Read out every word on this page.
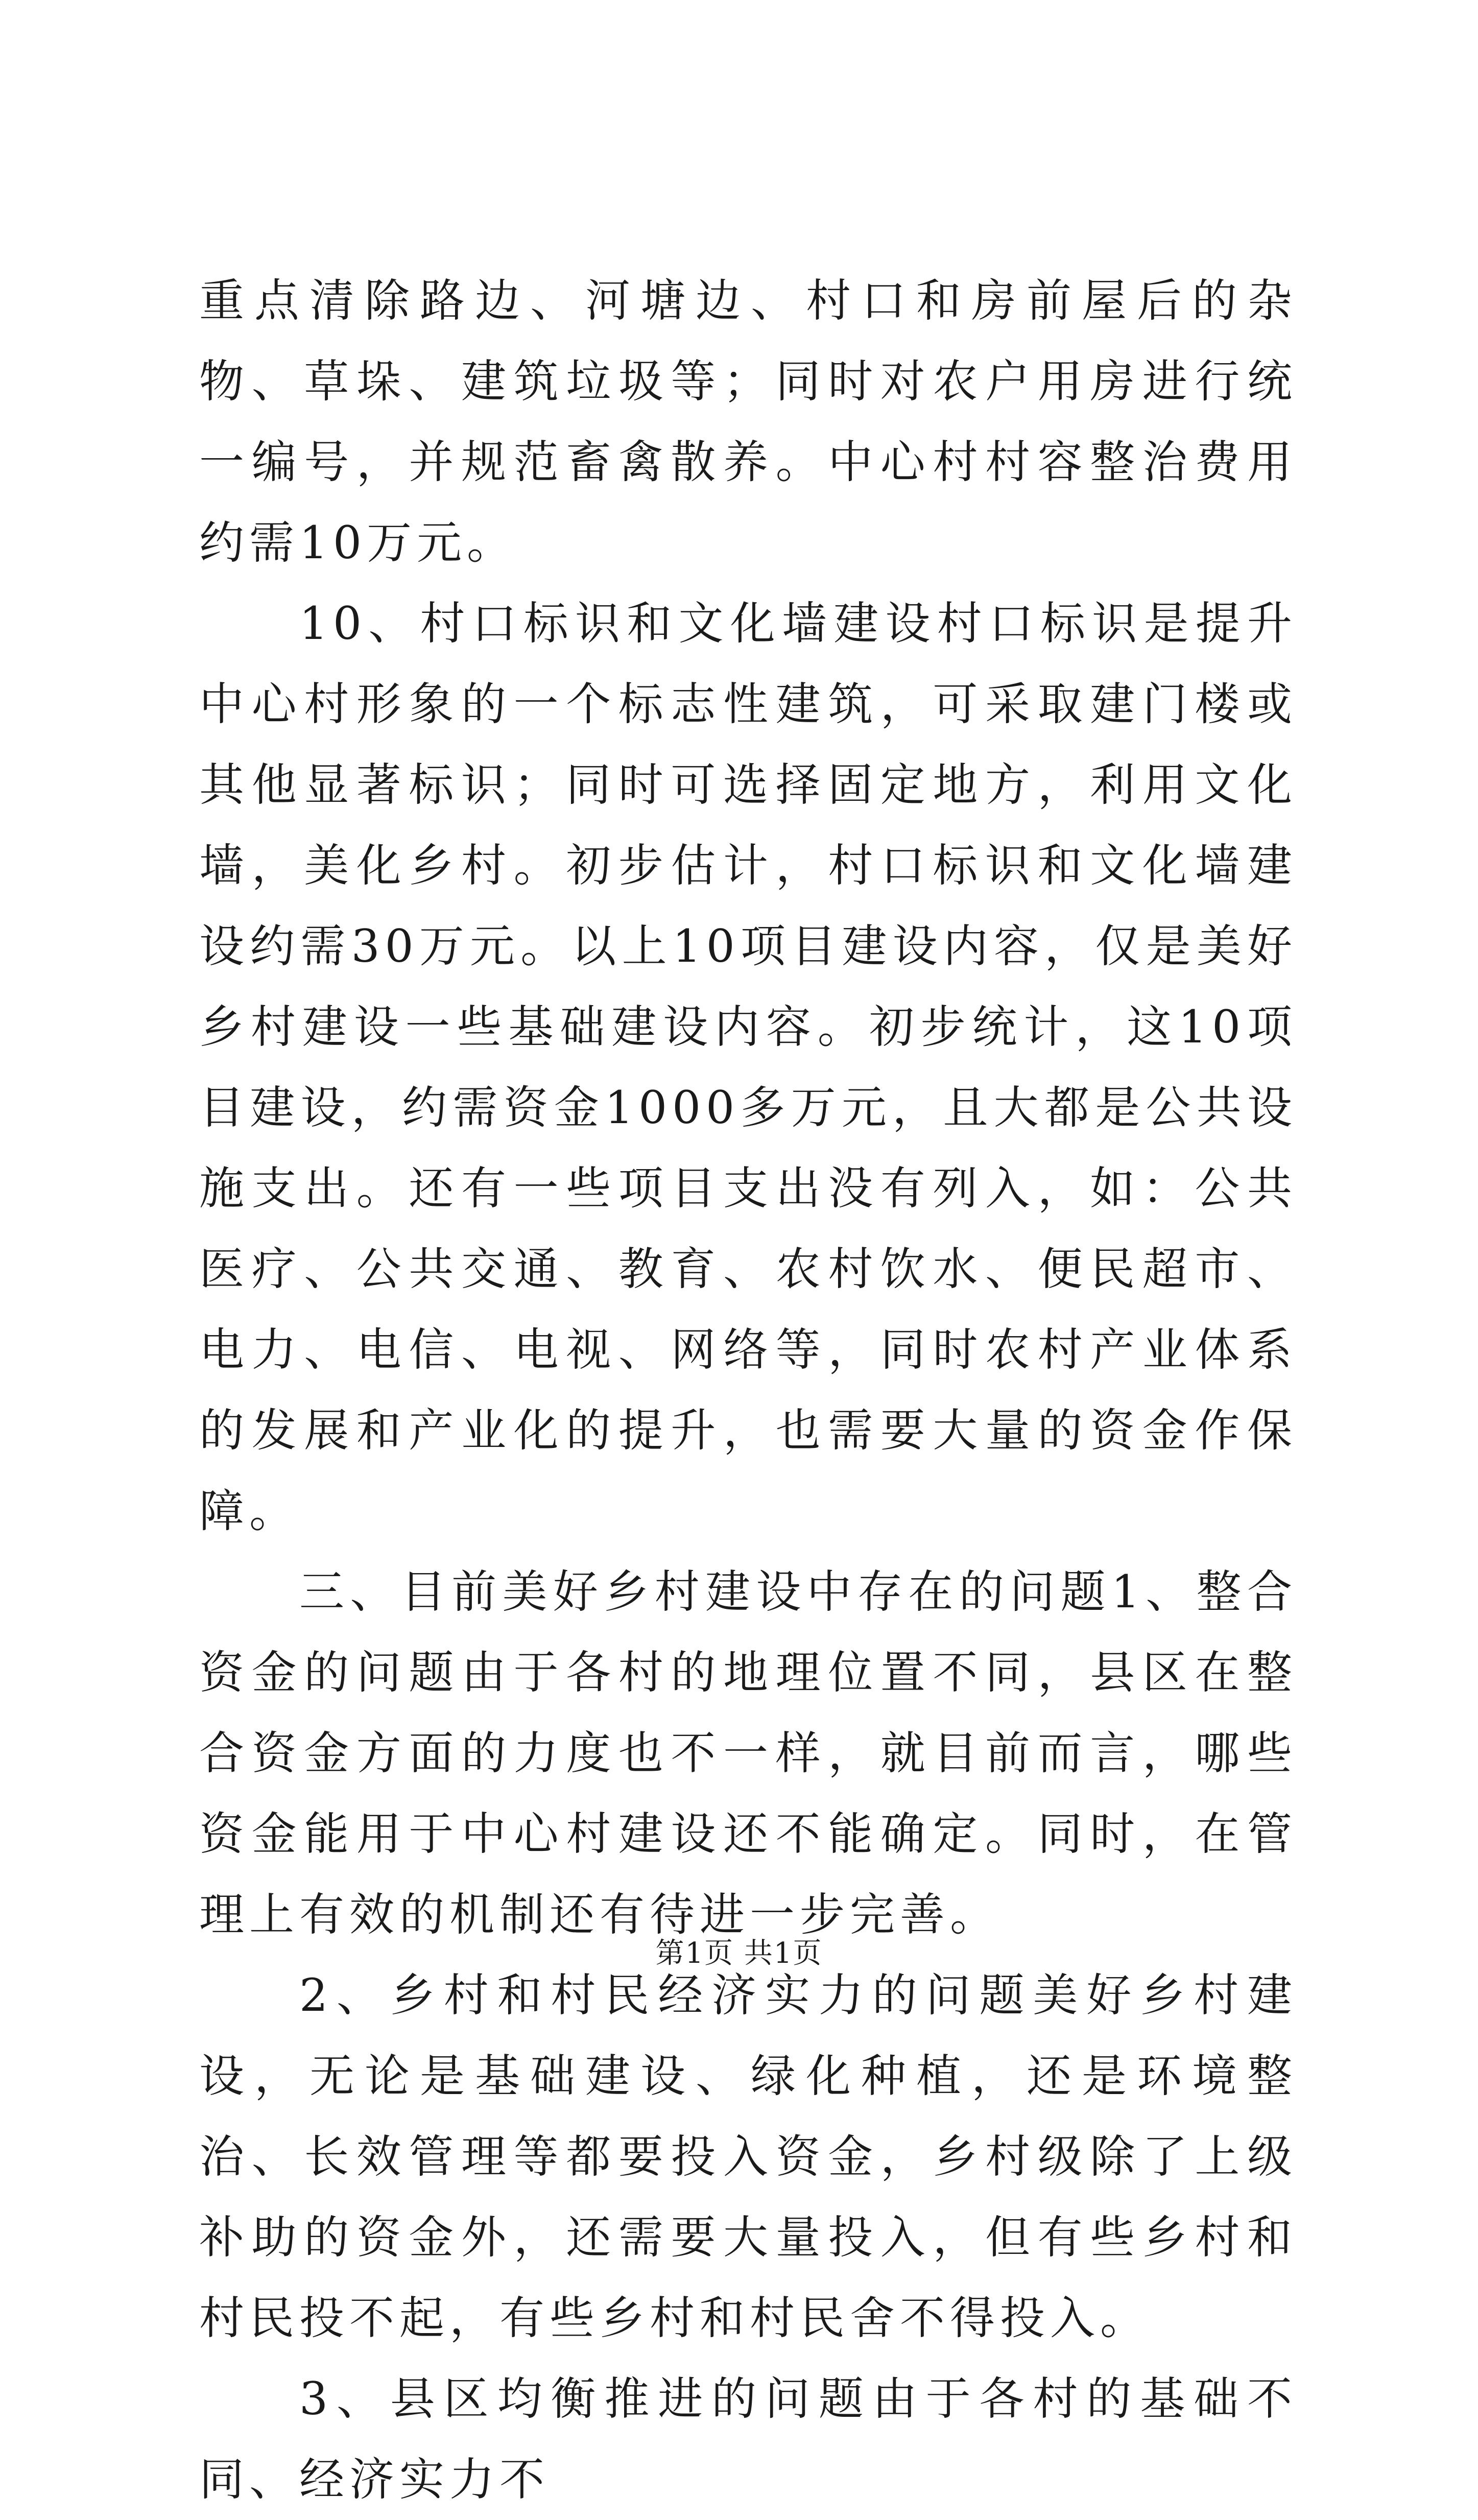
重点清除路边、河塘边、村口和房前屋后的杂物、草垛、建筑垃圾等；同时对农户用房进行统一编号，并规范畜禽散养。中心村村容整治费用约需10万元。

10、村口标识和文化墙建设村口标识是提升中心村形象的一个标志性建筑，可采取建门楼或其他显著标识；同时可选择固定地方，利用文化墙，美化乡村。初步估计，村口标识和文化墙建设约需30万元。以上10项目建设内容，仅是美好乡村建设一些基础建设内容。初步统计，这10项目建设，约需资金1000多万元，且大都是公共设施支出。还有一些项目支出没有列入，如：公共医疗、公共交通、教育、农村饮水、便民超市、电力、电信、电视、网络等，同时农村产业体系的发展和产业化的提升，也需要大量的资金作保障。

三、目前美好乡村建设中存在的问题1、整合资金的问题由于各村的地理位置不同，县区在整合资金方面的力度也不一样，就目前而言，哪些资金能用于中心村建设还不能确定。同时，在管理上有效的机制还有待进一步完善。

2、乡村和村民经济实力的问题美好乡村建设，无论是基础建设、绿化种植，还是环境整治、长效管理等都要投入资金，乡村级除了上级补助的资金外，还需要大量投入，但有些乡村和村民投不起，有些乡村和村民舍不得投入。

3、县区均衡推进的问题由于各村的基础不同、经济实力不

第1页 共1页
